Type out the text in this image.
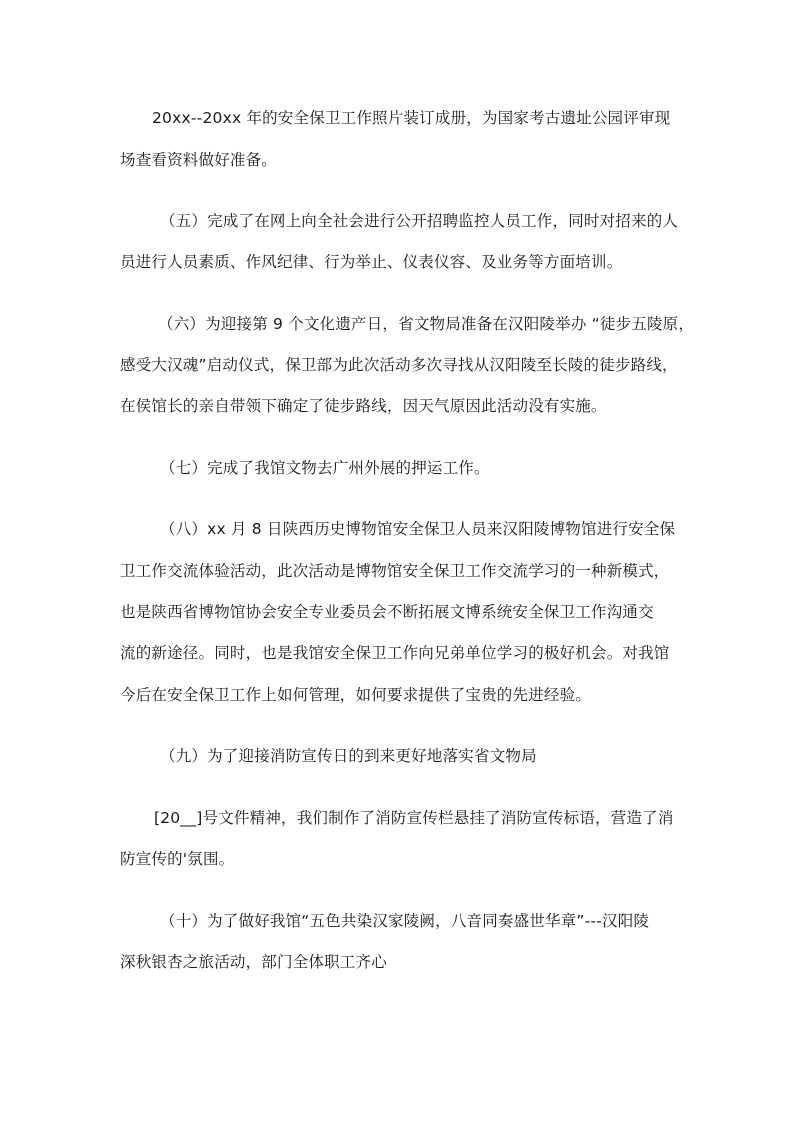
20xx--20xx 年的安全保卫工作照片装订成册，为国家考古遗址公园评审现
场查看资料做好准备。
（五）完成了在网上向全社会进行公开招聘监控人员工作，同时对招来的人
员进行人员素质、作风纪律、行为举止、仪表仪容、及业务等方面培训。
（六）为迎接第 9 个文化遗产日，省文物局准备在汉阳陵举办 “徒步五陵原，
感受大汉魂”启动仪式，保卫部为此次活动多次寻找从汉阳陵至长陵的徒步路线，
在侯馆长的亲自带领下确定了徒步路线，因天气原因此活动没有实施。
（七）完成了我馆文物去广州外展的押运工作。
（八）xx 月 8 日陕西历史博物馆安全保卫人员来汉阳陵博物馆进行安全保
卫工作交流体验活动，此次活动是博物馆安全保卫工作交流学习的一种新模式，
也是陕西省博物馆协会安全专业委员会不断拓展文博系统安全保卫工作沟通交
流的新途径。同时，也是我馆安全保卫工作向兄弟单位学习的极好机会。对我馆
今后在安全保卫工作上如何管理，如何要求提供了宝贵的先进经验。
（九）为了迎接消防宣传日的到来更好地落实省文物局
[20__]号文件精神，我们制作了消防宣传栏悬挂了消防宣传标语，营造了消
防宣传的'氛围。
（十）为了做好我馆“五色共染汉家陵阙，八音同奏盛世华章”---汉阳陵
深秋银杏之旅活动，部门全体职工齐心
